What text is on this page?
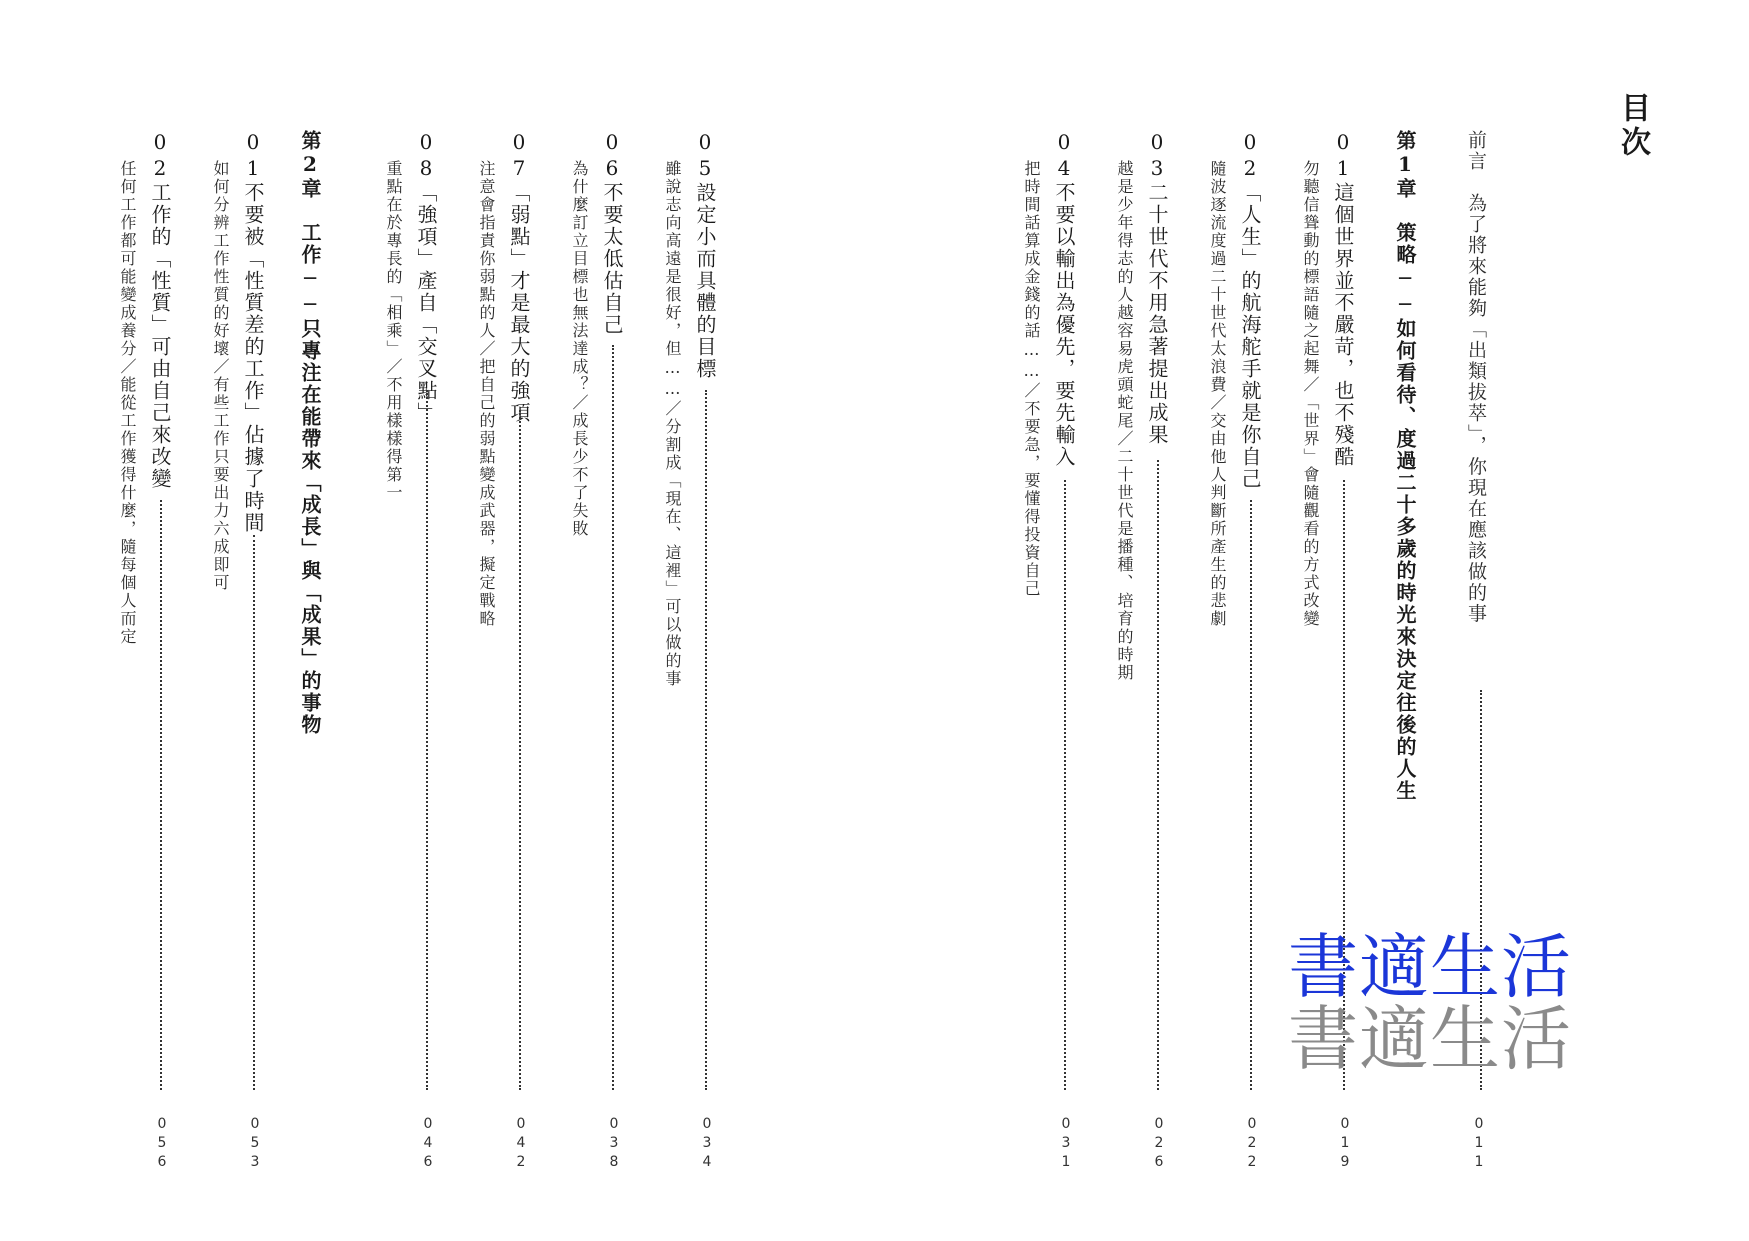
目次
前言　為了將來能夠「出類拔萃」，你現在應該做的事
011
第1章　策略──如何看待、度過二十多歲的時光來決定往後的人生
01這個世界並不嚴苛，也不殘酷
勿聽信聳動的標語隨之起舞／「世界」會隨觀看的方式改變
019
02「人生」的航海舵手就是你自己
隨波逐流度過二十世代太浪費／交由他人判斷所產生的悲劇
022
03二十世代不用急著提出成果
越是少年得志的人越容易虎頭蛇尾／二十世代是播種、培育的時期
026
04不要以輸出為優先，要先輸入
把時間話算成金錢的話……／不要急，要懂得投資自己
031
05設定小而具體的目標
雖說志向高遠是很好，但……／分割成「現在、這裡」可以做的事
034
06不要太低估自己
為什麼訂立目標也無法達成？／成長少不了失敗
038
07「弱點」才是最大的強項
注意會指責你弱點的人／把自己的弱點變成武器，擬定戰略
042
08「強項」產自「交叉點」
重點在於專長的「相乘」／不用樣樣得第一
046
第2章　工作──只專注在能帶來「成長」與「成果」的事物
01不要被「性質差的工作」佔據了時間
如何分辨工作性質的好壞／有些工作只要出力六成即可
053
02工作的「性質」可由自己來改變
任何工作都可能變成養分／能從工作獲得什麼，隨每個人而定
056
書適生活
書適生活
